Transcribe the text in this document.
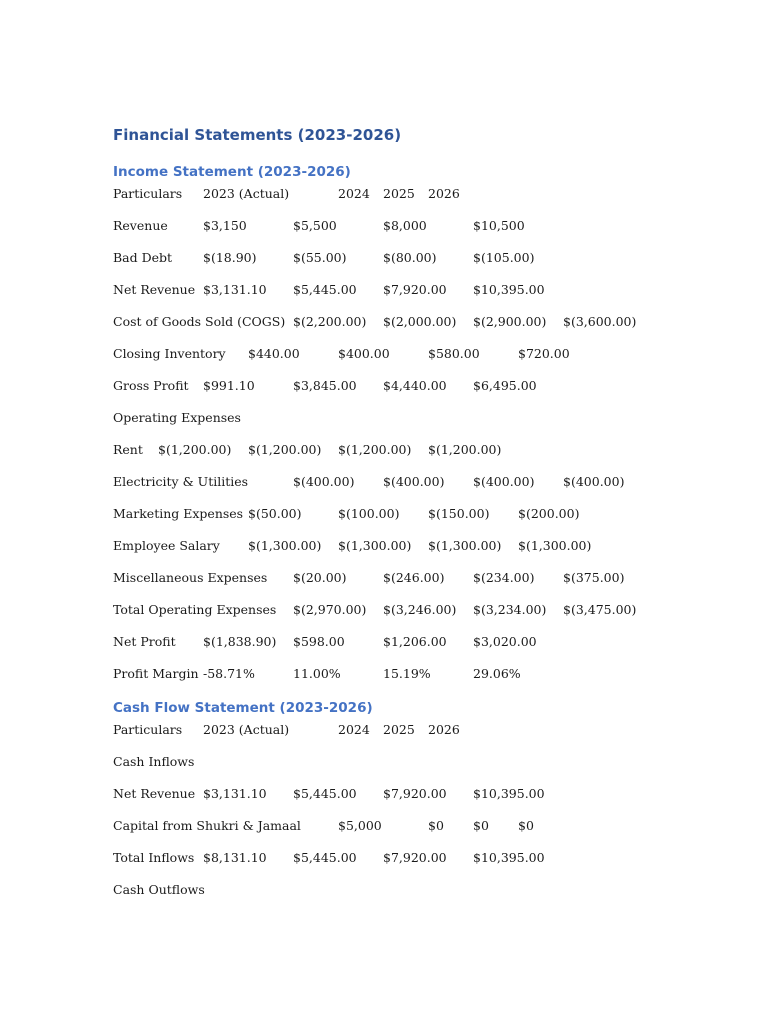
Financial Statements (2023-2026)
Income Statement (2023-2026)
Particulars 2023 (Actual)	2024 2025 2026
Revenue	$3,150	$5,500	$8,000	$10,500
Bad Debt $(18.90)	$(55.00)	$(80.00)	$(105.00)
Net Revenue $3,131.10 $5,445.00 $7,920.00 $10,395.00
Cost of Goods Sold (COGS) $(2,200.00) $(2,000.00) $(2,900.00) $(3,600.00)
Closing Inventory $440.00	$400.00	$580.00	$720.00
Gross Profit $991.10	$3,845.00 $4,440.00 $6,495.00
Operating Expenses
Rent $(1,200.00) $(1,200.00) $(1,200.00) $(1,200.00)
Electricity & Utilities	$(400.00) $(400.00) $(400.00) $(400.00)
Marketing Expenses $(50.00)	$(100.00) $(150.00) $(200.00)
Employee Salary $(1,300.00) $(1,300.00) $(1,300.00) $(1,300.00)
Miscellaneous Expenses $(20.00)	$(246.00) $(234.00) $(375.00)
Total Operating Expenses $(2,970.00) $(3,246.00) $(3,234.00) $(3,475.00)
Net Profit $(1,838.90) $598.00	$1,206.00 $3,020.00
Profit Margin -58.71%	11.00%	15.19%	29.06%
Cash Flow Statement (2023-2026)
Particulars 2023 (Actual)	2024 2025 2026
Cash Inflows
Net Revenue $3,131.10 $5,445.00 $7,920.00 $10,395.00
Capital from Shukri & Jamaal	$5,000	$0 $0 $0
Total Inflows $8,131.10 $5,445.00 $7,920.00 $10,395.00
Cash Outflows
